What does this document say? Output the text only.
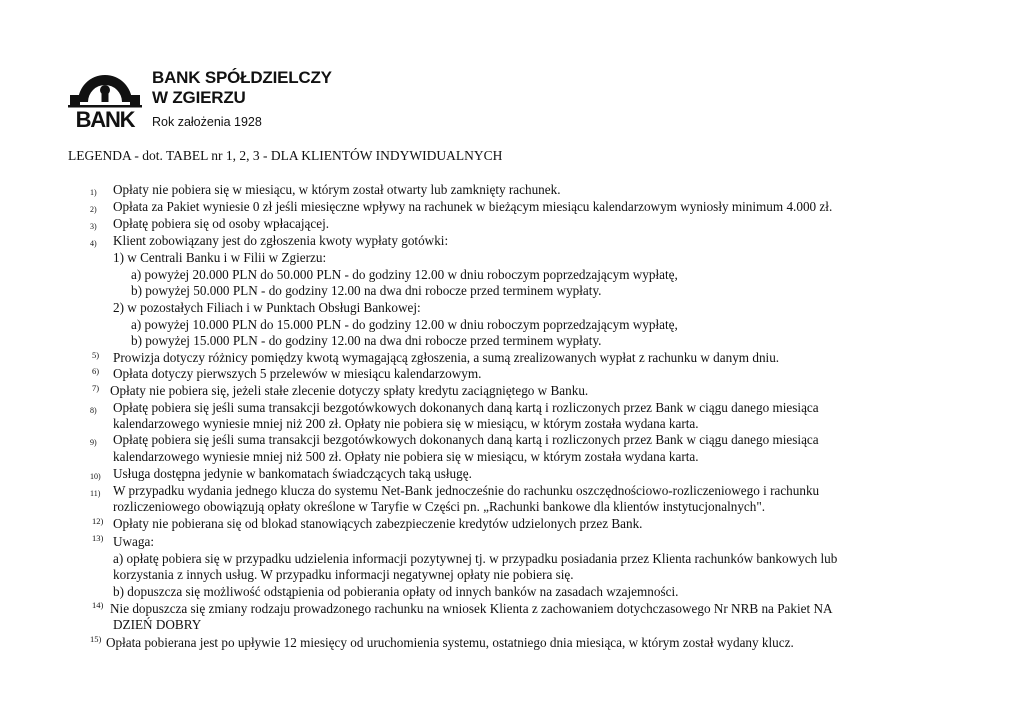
BANK
BANK SPÓŁDZIELCZY
W ZGIERZU
Rok założenia 1928
LEGENDA - dot. TABEL nr 1, 2, 3 - DLA KLIENTÓW INDYWIDUALNYCH
1) Opłaty nie pobiera się w miesiącu, w którym został otwarty lub zamknięty rachunek.
2) Opłata za Pakiet wyniesie 0 zł jeśli miesięczne wpływy na rachunek w bieżącym miesiącu kalendarzowym wyniosły minimum 4.000 zł.
3) Opłatę pobiera się od osoby wpłacającej.
4) Klient zobowiązany jest do zgłoszenia kwoty wypłaty gotówki:
1) w Centrali Banku i w Filii w Zgierzu:
a) powyżej 20.000 PLN do 50.000 PLN - do godziny 12.00 w dniu roboczym poprzedzającym wypłatę,
b) powyżej 50.000 PLN - do godziny 12.00 na dwa dni robocze przed terminem wypłaty.
2) w pozostałych Filiach i w Punktach Obsługi Bankowej:
a) powyżej 10.000 PLN do 15.000 PLN - do godziny 12.00 w dniu roboczym poprzedzającym wypłatę,
b) powyżej 15.000 PLN - do godziny 12.00 na dwa dni robocze przed terminem wypłaty.
5) Prowizja dotyczy różnicy pomiędzy kwotą wymagającą zgłoszenia, a sumą zrealizowanych wypłat z rachunku w danym dniu.
6) Opłata dotyczy pierwszych 5 przelewów w miesiącu kalendarzowym.
7) Opłaty nie pobiera się, jeżeli stałe zlecenie dotyczy spłaty kredytu zaciągniętego w Banku.
8) Opłatę pobiera się jeśli suma transakcji bezgotówkowych dokonanych daną kartą i rozliczonych przez Bank w ciągu danego miesiąca
kalendarzowego wyniesie mniej niż 200 zł. Opłaty nie pobiera się w miesiącu, w którym została wydana karta.
9) Opłatę pobiera się jeśli suma transakcji bezgotówkowych dokonanych daną kartą i rozliczonych przez Bank w ciągu danego miesiąca
kalendarzowego wyniesie mniej niż 500 zł. Opłaty nie pobiera się w miesiącu, w którym została wydana karta.
10) Usługa dostępna jedynie w bankomatach świadczących taką usługę.
11) W przypadku wydania jednego klucza do systemu Net-Bank jednocześnie do rachunku oszczędnościowo-rozliczeniowego i rachunku
rozliczeniowego obowiązują opłaty określone w Taryfie w Części pn. „Rachunki bankowe dla klientów instytucjonalnych".
12) Opłaty nie pobierana się od blokad stanowiących zabezpieczenie kredytów udzielonych przez Bank.
13) Uwaga:
a) opłatę pobiera się w przypadku udzielenia informacji pozytywnej tj. w przypadku posiadania przez Klienta rachunków bankowych lub
korzystania z innych usług. W przypadku informacji negatywnej opłaty nie pobiera się.
b) dopuszcza się możliwość odstąpienia od pobierania opłaty od innych banków na zasadach wzajemności.
14) Nie dopuszcza się zmiany rodzaju prowadzonego rachunku na wniosek Klienta z zachowaniem dotychczasowego Nr NRB na Pakiet NA
DZIEŃ DOBRY
15) Opłata pobierana jest po upływie 12 miesięcy od uruchomienia systemu, ostatniego dnia miesiąca, w którym został wydany klucz.
